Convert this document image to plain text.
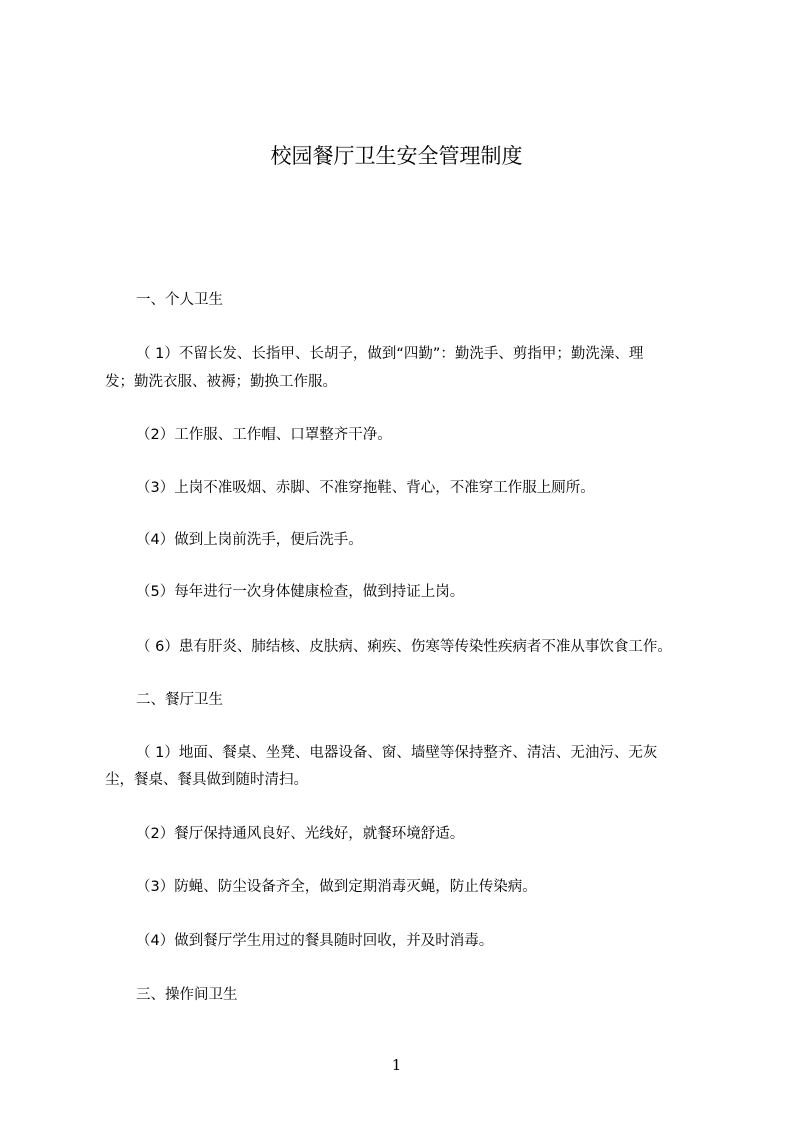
校园餐厅卫生安全管理制度
一、个人卫生
（ 1）不留长发、长指甲、长胡子，做到“四勤”：勤洗手、剪指甲；勤洗澡、理
发；勤洗衣服、被褥；勤换工作服。
（2）工作服、工作帽、口罩整齐干净。
（3）上岗不准吸烟、赤脚、不准穿拖鞋、背心，不准穿工作服上厕所。
（4）做到上岗前洗手，便后洗手。
（5）每年进行一次身体健康检查，做到持证上岗。
（ 6）患有肝炎、肺结核、皮肤病、痢疾、伤寒等传染性疾病者不准从事饮食工作。
二、餐厅卫生
（ 1）地面、餐桌、坐凳、电器设备、窗、墙壁等保持整齐、清洁、无油污、无灰
尘，餐桌、餐具做到随时清扫。
（2）餐厅保持通风良好、光线好，就餐环境舒适。
（3）防蝇、防尘设备齐全，做到定期消毒灭蝇，防止传染病。
（4）做到餐厅学生用过的餐具随时回收，并及时消毒。
三、操作间卫生
1
